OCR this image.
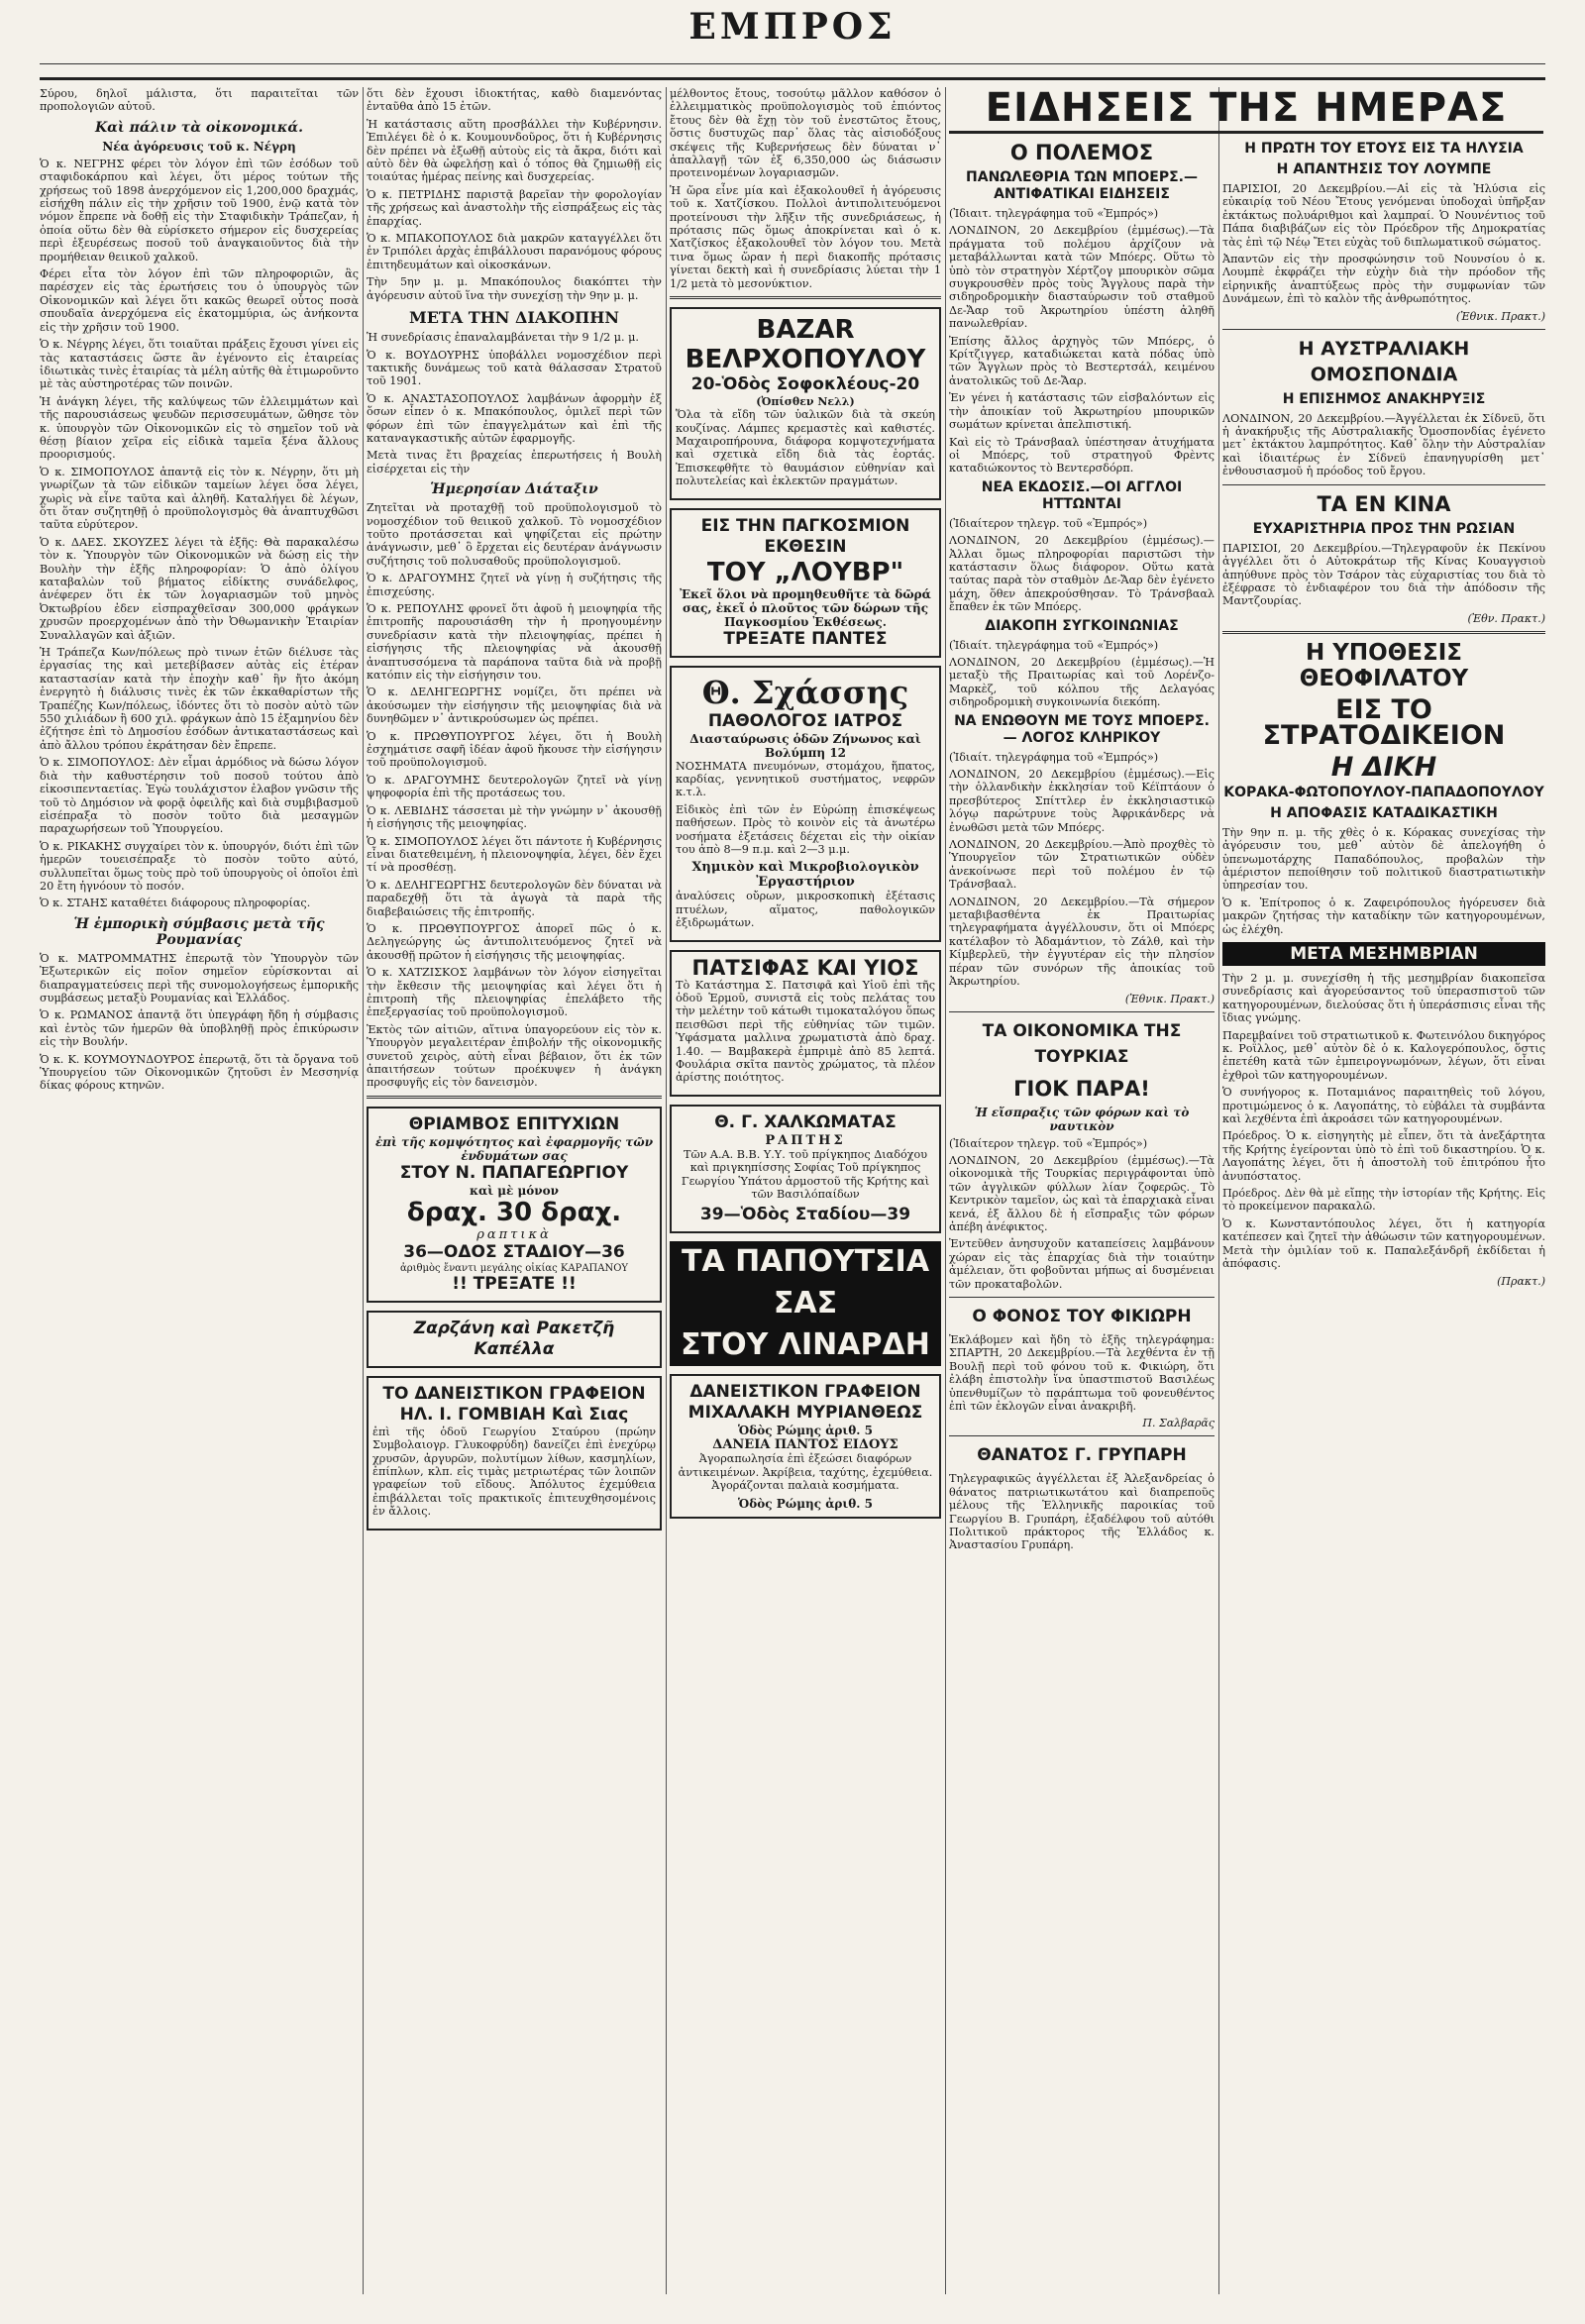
ΕΜΠΡΟΣ

Σύρου, δηλοῖ μάλιστα, ὅτι παραιτεῖται τῶν προπολογιῶν αὐτοῦ.

Καὶ πάλιν τὰ οἰκονομικά.
Νέα ἀγόρευσις τοῦ κ. Νέγρη

Ὁ κ. ΝΕΓΡΗΣ φέρει τὸν λόγον ἐπὶ τῶν ἐσόδων τοῦ σταφιδοκάρπου καὶ λέγει, ὅτι μέρος τούτων τῆς χρήσεως τοῦ 1898 ἀνερχόμενον εἰς 1,200,000 δραχμάς, εἰσήχθη πάλιν εἰς τὴν χρῆσιν τοῦ 1900, ἐνῷ κατὰ τὸν νόμον ἔπρεπε νὰ δοθῇ εἰς τὴν Σταφιδικὴν Τράπεζαν, ἡ ὁποία οὕτω δὲν θὰ εὑρίσκετο σήμερον εἰς δυσχερείας περὶ ἐξευρέσεως ποσοῦ τοῦ ἀναγκαιοῦντος διὰ τὴν προμήθειαν θειικοῦ χαλκοῦ.

Φέρει εἶτα τὸν λόγον ἐπὶ τῶν πληροφοριῶν, ἃς παρέσχεν εἰς τὰς ἐρωτήσεις του ὁ ὑπουργὸς τῶν Οἰκονομικῶν καὶ λέγει ὅτι κακῶς θεωρεῖ οὗτος ποσὰ σπουδαῖα ἀνερχόμενα εἰς ἑκατομμύρια, ὡς ἀνήκοντα εἰς τὴν χρῆσιν τοῦ 1900.

Ὁ κ. Νέγρης λέγει, ὅτι τοιαῦται πράξεις ἔχουσι γίνει εἰς τὰς καταστάσεις ὥστε ἂν ἐγένοντο εἰς ἐταιρείας ἰδιωτικὰς τινὲς ἑταιρίας τὰ μέλη αὐτῆς θὰ ἐτιμωροῦντο μὲ τὰς αὐστηροτέρας τῶν ποινῶν.

Ἡ ἀνάγκη λέγει, τῆς καλύψεως τῶν ἐλλειμμάτων καὶ τῆς παρουσιάσεως ψευδῶν περισσευμάτων, ὤθησε τὸν κ. ὑπουργὸν τῶν Οἰκονομικῶν εἰς τὸ σημεῖον τοῦ νὰ θέσῃ βίαιον χεῖρα εἰς εἰδικὰ ταμεῖα ξένα ἄλλους προορισμούς.

Ὁ κ. ΣΙΜΟΠΟΥΛΟΣ ἀπαντᾷ εἰς τὸν κ. Νέγρην, ὅτι μὴ γνωρίζων τὰ τῶν εἰδικῶν ταμείων λέγει ὅσα λέγει, χωρὶς νὰ εἶνε ταῦτα καὶ ἀληθῆ. Καταλήγει δὲ λέγων, ὅτι ὅταν συζητηθῇ ὁ προϋπολογισμὸς θὰ ἀναπτυχθῶσι ταῦτα εὐρύτερον.

Ὁ κ. ΔΑΕΣ. ΣΚΟΥΖΕΣ λέγει τὰ ἑξῆς: Θὰ παρακαλέσω τὸν κ. Ὑπουργὸν τῶν Οἰκονομικῶν νὰ δώσῃ εἰς τὴν Βουλὴν τὴν ἑξῆς πληροφορίαν: Ὁ ἀπὸ ὀλίγου καταβαλὼν τοῦ βήματος εἰδίκτης συνάδελφος, ἀνέφερεν ὅτι ἐκ τῶν λογαριασμῶν τοῦ μηνὸς Ὀκτωβρίου ἐδεν εἰσπραχθεῖσαν 300,000 φράγκων χρυσῶν προερχομένων ἀπὸ τὴν Ὀθωμανικὴν Ἑταιρίαν Συναλλαγῶν καὶ ἀξιῶν.

Ἡ Τράπεζα Κων/πόλεως πρὸ τινων ἐτῶν διέλυσε τὰς ἐργασίας της καὶ μετεβίβασεν αὐτὰς εἰς ἑτέραν καταστασίαν κατὰ τὴν ἐποχὴν καθ᾿ ἣν ἤτο ἀκόμη ἐνεργητὸ ἡ διάλυσις τινὲς ἐκ τῶν ἐκκαθαρίστων τῆς Τραπέζης Κων/πόλεως, ἰδόντες ὅτι τὸ ποσὸν αὐτὸ τῶν 550 χιλιάδων ἢ 600 χιλ. φράγκων ἀπὸ 15 ἐξαμηνίου δὲν ἐζήτησε ἐπὶ τὸ Δημοσίου ἐσόδων ἀντικαταστάσεως καὶ ἀπὸ ἄλλου τρόπου ἐκράτησαν δὲν ἔπρεπε.

Ὁ κ. ΣΙΜΟΠΟΥΛΟΣ: Δὲν εἶμαι ἁρμόδιος νὰ δώσω λόγον διὰ τὴν καθυστέρησιν τοῦ ποσοῦ τούτου ἀπὸ εἰκοσιπενταετίας. Ἐγὼ τουλάχιστον ἐλαβον γνῶσιν τῆς τοῦ τὸ Δημόσιον νὰ φορᾷ ὀφειλῆς καὶ διὰ συμβιβασμοῦ εἰσέπραξα τὸ ποσὸν τοῦτο διὰ μεσαγμῶν παραχωρήσεων τοῦ Ὑπουργείου.

Ὁ κ. ΡΙΚΑΚΗΣ συγχαίρει τὸν κ. ὑπουργόν, διότι ἐπὶ τῶν ἡμερῶν τουεισέπραξε τὸ ποσὸν τοῦτο αὐτό, συλλυπεῖται ὅμως τοὺς πρὸ τοῦ ὑπουργοὺς οἱ ὁποῖοι ἐπὶ 20 ἔτη ἠγνόουν τὸ ποσόν.

Ὁ κ. ΣΤΑΗΣ καταθέτει διάφορους πληροφορίας.

Ἡ ἐμπορικὴ σύμβασις μετὰ τῆς Ρουμανίας

Ὁ κ. ΜΑΤΡΟΜΜΑΤΗΣ ἐπερωτᾷ τὸν Ὑπουργὸν τῶν Ἐξωτερικῶν εἰς ποῖον σημεῖον εὑρίσκονται αἱ διαπραγματεύσεις περὶ τῆς συνομολογήσεως ἐμπορικῆς συμβάσεως μεταξὺ Ρουμανίας καὶ Ἑλλάδος.

Ὁ κ. ΡΩΜΑΝΟΣ ἀπαντᾷ ὅτι ὑπεγράφη ἤδη ἡ σύμβασις καὶ ἐντὸς τῶν ἡμερῶν θὰ ὑποβληθῇ πρὸς ἐπικύρωσιν εἰς τὴν Βουλήν.

Ὁ κ. Κ. ΚΟΥΜΟΥΝΔΟΥΡΟΣ ἐπερωτᾷ, ὅτι τὰ ὄργανα τοῦ Ὑπουργείου τῶν Οἰκονομικῶν ζητοῦσι ἐν Μεσσηνίᾳ δίκας φόρους κτηνῶν.

ὅτι δὲν ἔχουσι ἰδιοκτήτας, καθὸ διαμενόντας ἐνταῦθα ἀπὸ 15 ἐτῶν.

Ἡ κατάστασις αὕτη προσβάλλει τὴν Κυβέρνησιν. Ἐπιλέγει δὲ ὁ κ. Κουμουνδοῦρος, ὅτι ἡ Κυβέρνησις δὲν πρέπει νὰ ἐξωθῇ αὐτοὺς εἰς τὰ ἄκρα, διότι καὶ αὐτὸ δὲν θὰ ὠφελήσῃ καὶ ὁ τόπος θὰ ζημιωθῇ εἰς τοιαύτας ἡμέρας πείνης καὶ δυσχερείας.

Ὁ κ. ΠΕΤΡΙΔΗΣ παριστᾷ βαρεῖαν τὴν φορολογίαν τῆς χρήσεως καὶ ἀναστολὴν τῆς εἰσπράξεως εἰς τὰς ἐπαρχίας.

Ὁ κ. ΜΠΑΚΟΠΟΥΛΟΣ διὰ μακρῶν καταγγέλλει ὅτι ἐν Τριπόλει ἀρχὰς ἐπιβάλλουσι παρανόμους φόρους ἐπιτηδευμάτων καὶ οἰκοσκάνων.

Τὴν 5ην μ. μ. Μπακόπουλος διακόπτει τὴν ἀγόρευσιν αὐτοῦ ἵνα τὴν συνεχίσῃ τὴν 9ην μ. μ.

ΜΕΤΑ ΤΗΝ ΔΙΑΚΟΠΗΝ

Ἡ συνεδρίασις ἐπαναλαμβάνεται τὴν 9 1/2 μ. μ.

Ὁ κ. ΒΟΥΔΟΥΡΗΣ ὑποβάλλει νομοσχέδιον περὶ τακτικῆς δυνάμεως τοῦ κατὰ θάλασσαν Στρατοῦ τοῦ 1901.

Ὁ κ. ΑΝΑΣΤΑΣΟΠΟΥΛΟΣ λαμβάνων ἀφορμὴν ἐξ ὅσων εἶπεν ὁ κ. Μπακόπουλος, ὁμιλεῖ περὶ τῶν φόρων ἐπὶ τῶν ἐπαγγελμάτων καὶ ἐπὶ τῆς καταναγκαστικῆς αὐτῶν ἐφαρμογῆς.

Μετὰ τινας ἔτι βραχείας ἐπερωτήσεις ἡ Βουλὴ εἰσέρχεται εἰς τὴν

Ἡμερησίαν Διάταξιν

Ζητεῖται νὰ προταχθῇ τοῦ προϋπολογισμοῦ τὸ νομοσχέδιον τοῦ θειικοῦ χαλκοῦ. Τὸ νομοσχέδιον τοῦτο προτάσσεται καὶ ψηφίζεται εἰς πρώτην ἀνάγνωσιν, μεθ᾿ ὃ ἔρχεται εἰς δευτέραν ἀνάγνωσιν συζήτησις τοῦ πολυσαθοῦς προϋπολογισμοῦ.

Ὁ κ. ΔΡΑΓΟΥΜΗΣ ζητεῖ νὰ γίνῃ ἡ συζήτησις τῆς ἐπισχεύσης.

Ὁ κ. ΡΕΠΟΥΛΗΣ φρονεῖ ὅτι ἀφοῦ ἡ μειοψηφία τῆς ἐπιτροπῆς παρουσιάσθη τὴν ἡ προηγουμένην συνεδρίασιν κατὰ τὴν πλειοψηφίας, πρέπει ἡ εἰσήγησις τῆς πλειοψηφίας νὰ ἀκουσθῇ ἀναπτυσσόμενα τὰ παράπονα ταῦτα διὰ νὰ προβῇ κατόπιν εἰς τὴν εἰσήγησιν του.

Ὁ κ. ΔΕΛΗΓΕΩΡΓΗΣ νομίζει, ὅτι πρέπει νὰ ἀκούσωμεν τὴν εἰσήγησιν τῆς μειοψηφίας διὰ νὰ δυνηθῶμεν ν᾿ ἀντικρούσωμεν ὡς πρέπει.

Ὁ κ. ΠΡΩΘΥΠΟΥΡΓΟΣ λέγει, ὅτι ἡ Βουλὴ ἐσχημάτισε σαφῆ ἰδέαν ἀφοῦ ἤκουσε τὴν εἰσήγησιν τοῦ προϋπολογισμοῦ.

Ὁ κ. ΔΡΑΓΟΥΜΗΣ δευτερολογῶν ζητεῖ νὰ γίνῃ ψηφοφορία ἐπὶ τῆς προτάσεως του.

Ὁ κ. ΛΕΒΙΔΗΣ τάσσεται μὲ τὴν γνώμην ν᾿ ἀκουσθῇ ἡ εἰσήγησις τῆς μειοψηφίας.

Ὁ κ. ΣΙΜΟΠΟΥΛΟΣ λέγει ὅτι πάντοτε ἡ Κυβέρνησις εἶναι διατεθειμένη, ἡ πλειονοψηφία, λέγει, δὲν ἔχει τί νὰ προσθέσῃ.

Ὁ κ. ΔΕΛΗΓΕΩΡΓΗΣ δευτερολογῶν δὲν δύναται νὰ παραδεχθῇ ὅτι τὰ ἀγωγὰ τὰ παρὰ τῆς διαβεβαιώσεις τῆς ἐπιτροπῆς.

Ὁ κ. ΠΡΩΘΥΠΟΥΡΓΟΣ ἀπορεῖ πῶς ὁ κ. Δεληγεώργης ὡς ἀντιπολιτευόμενος ζητεῖ νὰ ἀκουσθῇ πρῶτον ἡ εἰσήγησις τῆς μειοψηφίας.

Ὁ κ. ΧΑΤΖΙΣΚΟΣ λαμβάνων τὸν λόγον εἰσηγεῖται τὴν ἔκθεσιν τῆς μειοψηφίας καὶ λέγει ὅτι ἡ ἐπιτροπὴ τῆς πλειοψηφίας ἐπελάβετο τῆς ἐπεξεργασίας τοῦ προϋπολογισμοῦ.

Ἐκτὸς τῶν αἰτιῶν, αἵτινα ὑπαγορεύουν εἰς τὸν κ. Ὑπουργὸν μεγαλειτέραν ἐπιβολήν τῆς οἰκονομικῆς συνετοῦ χειρὸς, αὐτὴ εἶναι βέβαιον, ὅτι ἐκ τῶν ἀπαιτήσεων τούτων προέκυψεν ἡ ἀνάγκη προσφυγῆς εἰς τὸν δανεισμὸν.

ΘΡΙΑΜΒΟΣ ΕΠΙΤΥΧΙΩΝ
ἐπὶ τῆς κομψότητος καὶ ἐφαρμογῆς τῶν ἐνδυμάτων σας
ΣΤΟΥ Ν. ΠΑΠΑΓΕΩΡΓΙΟΥ
καὶ μὲ μόνον
δραχ. 30 δραχ.
ραπτικὰ
36—ΟΔΟΣ ΣΤΑΔΙΟΥ—36
ἀριθμὸς ἔναντι μεγάλης οἰκίας ΚΑΡΑΠΑΝΟΥ
!! ΤΡΕΞΑΤΕ !!
Ζαρζάνη καὶ Ρακετζῆ
Καπέλλα
ΤΟ ΔΑΝΕΙΣΤΙΚΟΝ ΓΡΑΦΕΙΟΝ
ΗΛ. Ι. ΓΟΜΒΙΑΗ Καὶ Σιας

ἐπὶ τῆς ὁδοῦ Γεωργίου Σταύρου (πρώην Συμβολαιογρ. Γλυκοφρύδη) δανείζει ἐπὶ ἐνεχύρῳ χρυσῶν, ἀργυρῶν, πολυτίμων λίθων, κασμηλίων, ἐπίπλων, κλπ. εἰς τιμὰς μετριωτέρας τῶν λοιπῶν γραφείων τοῦ εἴδους. Ἀπόλυτος ἐχεμύθεια ἐπιβάλλεται τοῖς πρακτικοῖς ἐπιτευχθησομένοις ἐν ἄλλοις.

μέλθοντος ἔτους, τοσούτῳ μᾶλλον καθόσον ὁ ἐλλειμματικὸς προϋπολογισμὸς τοῦ ἐπιόντος ἔτους δὲν θὰ ἔχῃ τὸν τοῦ ἐνεστῶτος ἔτους, ὅστις δυστυχῶς παρ᾿ ὅλας τὰς αἰσιοδόξους σκέψεις τῆς Κυβερνήσεως δὲν δύναται ν᾿ ἀπαλλαγῇ τῶν ἐξ 6,350,000 ὡς διάσωσιν προτεινομένων λογαριασμῶν.

Ἡ ὥρα εἶνε μία καὶ ἐξακολουθεῖ ἡ ἀγόρευσις τοῦ κ. Χατζίσκου. Πολλοὶ ἀντιπολιτευόμενοι προτείνουσι τὴν λῆξιν τῆς συνεδριάσεως, ἡ πρότασις πῶς ὅμως ἀποκρίνεται καὶ ὁ κ. Χατζίσκος ἐξακολουθεῖ τὸν λόγον του. Μετὰ τινα ὅμως ὥραν ἡ περὶ διακοπῆς πρότασις γίνεται δεκτὴ καὶ ἡ συνεδρίασις λύεται τὴν 1 1/2 μετὰ τὸ μεσονύκτιον.

BAZAR ΒΕΛΡΧΟΠΟΥΛΟΥ
20-Ὁδὸς Σοφοκλέους-20
(Ὀπίσθεν Νελλ)

Ὅλα τὰ εἴδη τῶν ὑαλικῶν διὰ τὰ σκεύη κουζίνας. Λάμπες κρεμαστὲς καὶ καθιστές. Μαχαιροπήρουνα, διάφορα κομψοτεχνήματα καὶ σχετικὰ εἴδη διὰ τὰς ἑορτάς. Ἐπισκεφθῆτε τὸ θαυμάσιον εὐθηνίαν καὶ πολυτελείας καὶ ἐκλεκτῶν πραγμάτων.

ΕΙΣ ΤΗΝ ΠΑΓΚΟΣΜΙΟΝ ΕΚΘΕΣΙΝ
ΤΟΥ „ΛΟΥΒΡ"
Ἐκεῖ ὅλοι νὰ προμηθευθῆτε τὰ δῶρά σας, ἐκεῖ ὁ πλοῦτος τῶν δώρων τῆς Παγκοσμίου Ἐκθέσεως.
ΤΡΕΞΑΤΕ ΠΑΝΤΕΣ
Θ. Σχάσσης
ΠΑΘΟΛΟΓΟΣ ΙΑΤΡΟΣ
Διασταύρωσις ὁδῶν Ζήνωνος καὶ Βολύμπη 12

ΝΟΣΗΜΑΤΑ πνευμόνων, στομάχου, ἥπατος, καρδίας, γεννητικοῦ συστήματος, νεφρῶν κ.τ.λ.

Εἰδικὸς ἐπὶ τῶν ἐν Εὐρώπῃ ἐπισκέψεως παθήσεων. Πρὸς τὸ κοινὸν εἰς τὰ ἀνωτέρω νοσήματα ἐξετάσεις δέχεται εἰς τὴν οἰκίαν του ἀπὸ 8—9 π.μ. καὶ 2—3 μ.μ.

Χημικὸν καὶ Μικροβιολογικὸν Ἐργαστήριον

ἀναλύσεις οὔρων, μικροσκοπικὴ ἐξέτασις πτυέλων, αἵματος, παθολογικῶν ἐξιδρωμάτων.

ΠΑΤΣΙΦΑΣ ΚΑΙ ΥΙΟΣ

Τὸ Κατάστημα Σ. Πατσιφᾶ καὶ Υἱοῦ ἐπὶ τῆς ὁδοῦ Ἑρμοῦ, συνιστᾶ εἰς τοὺς πελάτας του τὴν μελέτην τοῦ κάτωθι τιμοκαταλόγου ὅπως πεισθῶσι περὶ τῆς εὐθηνίας τῶν τιμῶν. Ὑφάσματα μαλλινα χρωματιστὰ ἀπὸ δραχ. 1.40. — Βαμβακερὰ ἐμπριμὲ ἀπὸ 85 λεπτά. Φουλάρια σκῖτα παντὸς χρώματος, τὰ πλέον ἀρίστης ποιότητος.

Θ. Γ. ΧΑΛΚΩΜΑΤΑΣ
ΡΑΠΤΗΣ

Τῶν Α.Α. Β.Β. Υ.Υ. τοῦ πρίγκηπος Διαδόχου καὶ πριγκηπίσσης Σοφίας Τοῦ πρίγκηπος Γεωργίου Ὑπάτου ἁρμοστοῦ τῆς Κρήτης καὶ τῶν Βασιλόπαίδων

39—Ὁδὸς Σταδίου—39
ΤΑ ΠΑΠΟΥΤΣΙΑ ΣΑΣ
ΣΤΟΥ ΛΙΝΑΡΔΗ
ΔΑΝΕΙΣΤΙΚΟΝ ΓΡΑΦΕΙΟΝ
ΜΙΧΑΛΑΚΗ ΜΥΡΙΑΝΘΕΩΣ
Ὁδὸς Ρώμης ἀριθ. 5
ΔΑΝΕΙΑ ΠΑΝΤΟΣ ΕΙΔΟΥΣ

Ἀγοραπωλησία ἐπὶ ἐξεώσει διαφόρων ἀντικειμένων. Ἀκρίβεια, ταχύτης, ἐχεμύθεια. Ἀγοράζονται παλαιὰ κοσμήματα.

Ὁδὸς Ρώμης ἀριθ. 5
ΕΙΔΗΣΕΙΣ ΤΗΣ ΗΜΕΡΑΣ
Ο ΠΟΛΕΜΟΣ
ΠΑΝΩΛΕΘΡΙΑ ΤΩΝ ΜΠΟΕΡΣ.—ΑΝΤΙΦΑΤΙΚΑΙ ΕΙΔΗΣΕΙΣ

(Ἰδιαιτ. τηλεγράφημα τοῦ «Ἐμπρός»)

ΛΟΝΔΙΝΟΝ, 20 Δεκεμβρίου (ἐμμέσως).—Τὰ πράγματα τοῦ πολέμου ἀρχίζουν νὰ μεταβάλλωνται κατὰ τῶν Μπόερς. Οὕτω τὸ ὑπὸ τὸν στρατηγὸν Χέρτζογ μπουρικὸν σῶμα συγκρουσθὲν πρὸς τοὺς Ἄγγλους παρὰ τὴν σιδηροδρομικὴν διασταύρωσιν τοῦ σταθμοῦ Δε-Ἄαρ τοῦ Ἀκρωτηρίου ὑπέστη ἀληθῆ πανωλεθρίαν.

Ἐπίσης ἄλλος ἀρχηγὸς τῶν Μπόερς, ὁ Κρίτζιγγερ, καταδιώκεται κατὰ πόδας ὑπὸ τῶν Ἄγγλων πρὸς τὸ Βεστερτσάλ, κειμένου ἀνατολικῶς τοῦ Δε-Ἄαρ.

Ἐν γένει ἡ κατάστασις τῶν εἰσβαλόντων εἰς τὴν ἀποικίαν τοῦ Ἀκρωτηρίου μπουρικῶν σωμάτων κρίνεται ἀπελπιστική.

Καὶ εἰς τὸ Τράνσβααλ ὑπέστησαν ἀτυχήματα οἱ Μπόερς, τοῦ στρατηγοῦ Φρὲντς καταδιώκοντος τὸ Βεντερσδόρπ.

ΝΕΑ ΕΚΔΟΣΙΣ.—ΟΙ ΑΓΓΛΟΙ ΗΤΤΩΝΤΑΙ

(Ἰδιαίτερον τηλεγρ. τοῦ «Ἐμπρός»)

ΛΟΝΔΙΝΟΝ, 20 Δεκεμβρίου (ἐμμέσως).—Ἀλλαι ὅμως πληροφορίαι παριστῶσι τὴν κατάστασιν ὅλως διάφορον. Οὕτω κατὰ ταύτας παρὰ τὸν σταθμὸν Δε-Ἄαρ δὲν ἐγένετο μάχη, ὅθεν ἀπεκρούσθησαν. Τὸ Τράνσβααλ ἔπαθεν ἐκ τῶν Μπόερς.

ΔΙΑΚΟΠΗ ΣΥΓΚΟΙΝΩΝΙΑΣ

(Ἰδιαίτ. τηλεγράφημα τοῦ «Ἐμπρός»)

ΛΟΝΔΙΝΟΝ, 20 Δεκεμβρίου (ἐμμέσως).—Ἡ μεταξὺ τῆς Πραιτωρίας καὶ τοῦ Λορένζο-Μαρκὲζ, τοῦ κόλπου τῆς Δελαγόας σιδηροδρομικὴ συγκοινωνία διεκόπη.

ΝΑ ΕΝΩΘΟΥΝ ΜΕ ΤΟΥΣ ΜΠΟΕΡΣ. — ΛΟΓΟΣ ΚΛΗΡΙΚΟΥ

(Ἰδιαίτ. τηλεγράφημα τοῦ «Ἐμπρός»)

ΛΟΝΔΙΝΟΝ, 20 Δεκεμβρίου (ἐμμέσως).—Εἰς τὴν ὁλλανδικὴν ἐκκλησίαν τοῦ Κέϊπτάουν ὁ πρεσβύτερος Σπίττλερ ἐν ἐκκλησιαστικῷ λόγῳ παρώτρυνε τοὺς Ἀφρικάνδερς νὰ ἐνωθῶσι μετὰ τῶν Μπόερς.

ΛΟΝΔΙΝΟΝ, 20 Δεκεμβρίου.—Ἀπὸ προχθὲς τὸ Ὑπουργεῖον τῶν Στρατιωτικῶν οὐδὲν ἀνεκοίνωσε περὶ τοῦ πολέμου ἐν τῷ Τράνσβααλ.

ΛΟΝΔΙΝΟΝ, 20 Δεκεμβρίου.—Τὰ σήμερον μεταβιβασθέντα ἐκ Πραιτωρίας τηλεγραφήματα ἀγγέλλουσιν, ὅτι οἱ Μπόερς κατέλαβον τὸ Ἀδαμάντιον, τὸ Ζάλθ, καὶ τὴν Κίμβερλεϋ, τὴν ἐγγυτέραν εἰς τὴν πλησίον πέραν τῶν συνόρων τῆς ἀποικίας τοῦ Ἀκρωτηρίου.

(Ἐθνικ. Πρακτ.)
ΤΑ ΟΙΚΟΝΟΜΙΚΑ ΤΗΣ ΤΟΥΡΚΙΑΣ
ΓΙΟΚ ΠΑΡΑ!
Ἡ εἴσπραξις τῶν φόρων καὶ τὸ ναυτικὸν

(Ἰδιαίτερον τηλεγρ. τοῦ «Ἐμπρός»)

ΛΟΝΔΙΝΟΝ, 20 Δεκεμβρίου (ἐμμέσως).—Τὰ οἰκονομικὰ τῆς Τουρκίας περιγράφονται ὑπὸ τῶν ἀγγλικῶν φύλλων λίαν ζοφερῶς. Τὸ Κεντρικὸν ταμεῖον, ὡς καὶ τὰ ἐπαρχιακὰ εἶναι κενά, ἐξ ἄλλου δὲ ἡ εἴσπραξις τῶν φόρων ἀπέβη ἀνέφικτος.

Ἐντεῦθεν ἀνησυχοῦν καταπείσεις λαμβάνουν χώραν εἰς τὰς ἐπαρχίας διὰ τὴν τοιαύτην ἀμέλειαν, ὅτι φοβοῦνται μήπως αἱ δυσμένειαι τῶν προκαταβολῶν.

Ο ΦΟΝΟΣ ΤΟΥ ΦΙΚΙΩΡΗ

Ἐκλάβομεν καὶ ἤδη τὸ ἑξῆς τηλεγράφημα: ΣΠΑΡΤΗ, 20 Δεκεμβρίου.—Τὰ λεχθέντα ἐν τῇ Βουλῇ περὶ τοῦ φόνου τοῦ κ. Φικιώρη, ὅτι ἐλάβη ἐπιστολὴν ἵνα ὑπαστπιστοῦ Βασιλέως ὑπενθυμίζων τὸ παράπτωμα τοῦ φονευθέντος ἐπὶ τῶν ἐκλογῶν εἶναι ἀνακριβῆ.

Π. Σαλβαρᾶς
ΘΑΝΑΤΟΣ Γ. ΓΡΥΠΑΡΗ

Τηλεγραφικῶς ἀγγέλλεται ἐξ Ἀλεξανδρείας ὁ θάνατος πατριωτικωτάτου καὶ διαπρεποῦς μέλους τῆς Ἑλληνικῆς παροικίας τοῦ Γεωργίου Β. Γρυπάρη, ἐξαδέλφου τοῦ αὐτόθι Πολιτικοῦ πράκτορος τῆς Ἑλλάδος κ. Ἀναστασίου Γρυπάρη.

Η ΠΡΩΤΗ ΤΟΥ ΕΤΟΥΣ ΕΙΣ ΤΑ ΗΛΥΣΙΑ
Η ΑΠΑΝΤΗΣΙΣ ΤΟΥ ΛΟΥΜΠΕ

ΠΑΡΙΣΙΟΙ, 20 Δεκεμβρίου.—Αἱ εἰς τὰ Ἠλύσια εἰς εὐκαιρίᾳ τοῦ Νέου Ἔτους γενόμεναι ὑποδοχαὶ ὑπῆρξαν ἐκτάκτως πολυάριθμοι καὶ λαμπραί. Ὁ Νουνέντιος τοῦ Πάπα διαβιβάζων εἰς τὸν Πρόεδρον τῆς Δημοκρατίας τὰς ἐπὶ τῷ Νέῳ Ἔτει εὐχὰς τοῦ διπλωματικοῦ σώματος.

Ἀπαντῶν εἰς τὴν προσφώνησιν τοῦ Νουνσίου ὁ κ. Λουμπὲ ἐκφράζει τὴν εὐχὴν διὰ τὴν πρόοδον τῆς εἰρηνικῆς ἀναπτύξεως πρὸς τὴν συμφωνίαν τῶν Δυνάμεων, ἐπὶ τὸ καλὸν τῆς ἀνθρωπότητος.

(Ἐθνικ. Πρακτ.)
Η ΑΥΣΤΡΑΛΙΑΚΗ ΟΜΟΣΠΟΝΔΙΑ
Η ΕΠΙΣΗΜΟΣ ΑΝΑΚΗΡΥΞΙΣ

ΛΟΝΔΙΝΟΝ, 20 Δεκεμβρίου.—Ἀγγέλλεται ἐκ Σίδνεϋ, ὅτι ἡ ἀνακήρυξις τῆς Αὐστραλιακῆς Ὁμοσπονδίας ἐγένετο μετ᾿ ἐκτάκτου λαμπρότητος. Καθ᾿ ὅλην τὴν Αὐστραλίαν καὶ ἰδιαιτέρως ἐν Σίδνεϋ ἐπανηγυρίσθη μετ᾿ ἐνθουσιασμοῦ ἡ πρόοδος τοῦ ἔργου.

ΤΑ ΕΝ ΚΙΝΑ
ΕΥΧΑΡΙΣΤΗΡΙΑ ΠΡΟΣ ΤΗΝ ΡΩΣΙΑΝ

ΠΑΡΙΣΙΟΙ, 20 Δεκεμβρίου.—Τηλεγραφοῦν ἐκ Πεκίνου ἀγγέλλει ὅτι ὁ Αὐτοκράτωρ τῆς Κίνας Κουαγγσιοὺ ἀπηύθυνε πρὸς τὸν Τσάρον τὰς εὐχαριστίας του διὰ τὸ ἐξέφρασε τὸ ἐνδιαφέρον του διὰ τὴν ἀπόδοσιν τῆς Μαντζουρίας.

(Ἐθν. Πρακτ.)
Η ΥΠΟΘΕΣΙΣ ΘΕΟΦΙΛΑΤΟΥ
ΕΙΣ ΤΟ ΣΤΡΑΤΟΔΙΚΕΙΟΝ
Η ΔΙΚΗ
ΚΟΡΑΚΑ-ΦΩΤΟΠΟΥΛΟΥ-ΠΑΠΑΔΟΠΟΥΛΟΥ
Η ΑΠΟΦΑΣΙΣ ΚΑΤΑΔΙΚΑΣΤΙΚΗ

Τὴν 9ην π. μ. τῆς χθὲς ὁ κ. Κόρακας συνεχίσας τὴν ἀγόρευσιν του, μεθ᾿ αὐτὸν δὲ ἀπελογήθη ὁ ὑπενωμοτάρχης Παπαδόπουλος, προβαλὼν τὴν ἀμέριστον πεποίθησιν τοῦ πολιτικοῦ διαστρατιωτικὴν ὑπηρεσίαν του.

Ὁ κ. Ἐπίτροπος ὁ κ. Ζαφειρόπουλος ἠγόρευσεν διὰ μακρῶν ζητήσας τὴν καταδίκην τῶν κατηγορουμένων, ὡς ἐλέχθη.

ΜΕΤΑ ΜΕΣΗΜΒΡΙΑΝ

Τὴν 2 μ. μ. συνεχίσθη ἡ τῆς μεσημβρίαν διακοπεῖσα συνεδρίασις καὶ ἀγορεύσαντος τοῦ ὑπερασπιστοῦ τῶν κατηγορουμένων, διελούσας ὅτι ἡ ὑπεράσπισις εἶναι τῆς ἴδιας γνώμης.

Παρεμβαίνει τοῦ στρατιωτικοῦ κ. Φωτεινόλου δικηγόρος κ. Ροΐλλος, μεθ᾿ αὐτὸν δὲ ὁ κ. Καλογερόπουλος, ὅστις ἐπετέθη κατὰ τῶν ἐμπειρογνωμόνων, λέγων, ὅτι εἶναι ἐχθροὶ τῶν κατηγορουμένων.

Ὁ συνήγορος κ. Ποταμιάνος παραιτηθεὶς τοῦ λόγου, προτιμώμενος ὁ κ. Λαγοπάτης, τὸ εὐβάλει τὰ συμβάντα καὶ λεχθέντα ἐπὶ ἀκροάσει τῶν κατηγορουμένων.

Πρόεδρος. Ὁ κ. εἰσηγητὴς μὲ εἶπεν, ὅτι τὰ ἀνεξάρτητα τῆς Κρήτης ἐγείρονται ὑπὸ τὸ ἐπὶ τοῦ δικαστηρίου. Ὁ κ. Λαγοπάτης λέγει, ὅτι ἡ ἀποστολὴ τοῦ ἐπιτρόπου ἦτο ἀνυπόστατος.

Πρόεδρος. Δὲν θὰ μὲ εἴπῃς τὴν ἱστορίαν τῆς Κρήτης. Εἰς τὸ προκείμενον παρακαλῶ.

Ὁ κ. Κωνσταντόπουλος λέγει, ὅτι ἡ κατηγορία κατέπεσεν καὶ ζητεῖ τὴν ἀθώωσιν τῶν κατηγορουμένων. Μετὰ τὴν ὁμιλίαν τοῦ κ. Παπαλεξάνδρῆ ἐκδίδεται ἡ ἀπόφασις.

(Πρακτ.)
